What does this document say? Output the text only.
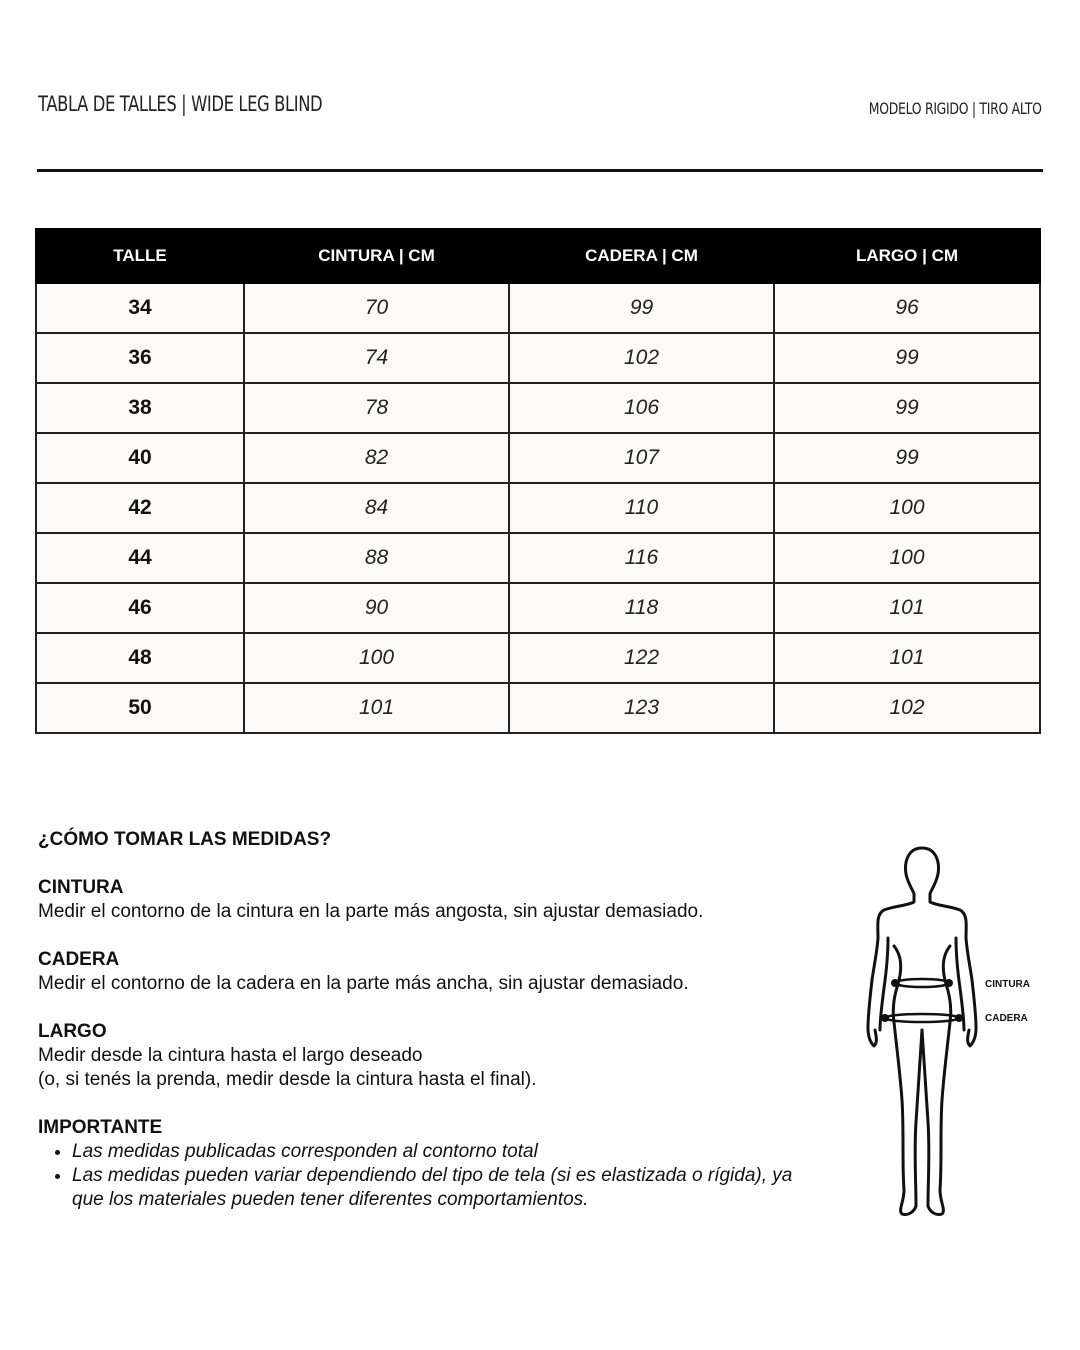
TABLA DE TALLES | WIDE LEG BLIND	MODELO RIGIDO | TIRO ALTO
TALLE	CINTURA | CM	CADERA | CM	LARGO | CM
34	70	99	96
36	74	102	99
38	78	106	99
40	82	107	99
42	84	110	100
44	88	116	100
46	90	118	101
48	100	122	101
50	101	123	102
¿CÓMO TOMAR LAS MEDIDAS?
CINTURA
Medir el contorno de la cintura en la parte más angosta, sin ajustar demasiado.
CADERA
Medir el contorno de la cadera en la parte más ancha, sin ajustar demasiado.
LARGO
Medir desde la cintura hasta el largo deseado
(o, si tenés la prenda, medir desde la cintura hasta el final).
IMPORTANTE
• Las medidas publicadas corresponden al contorno total
• Las medidas pueden variar dependiendo del tipo de tela (si es elastizada o rígida), ya que los materiales pueden tener diferentes comportamientos.
CINTURA
CADERA
